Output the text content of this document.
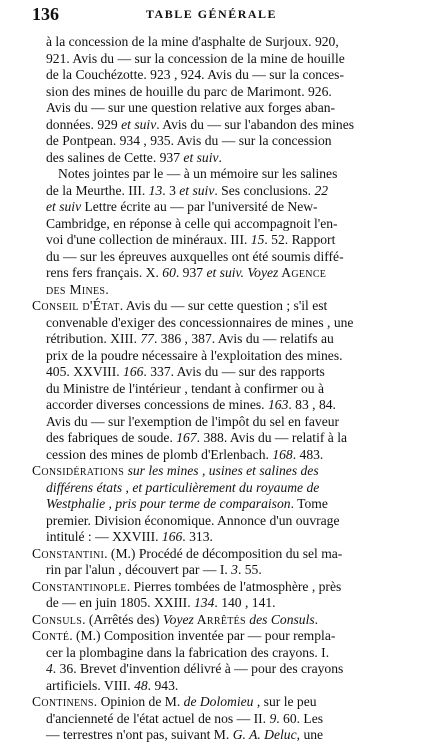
136	TABLE GÉNÉRALE
à la concession de la mine d'asphalte de Surjoux. 920,
921. Avis du — sur la concession de la mine de houille
de la Couchézotte. 923 , 924. Avis du — sur la conces-
sion des mines de houille du parc de Marimont. 926.
Avis du — sur une question relative aux forges aban-
données. 929 et suiv. Avis du — sur l'abandon des mines
de Pontpean. 934 , 935. Avis du — sur la concession
des salines de Cette. 937 et suiv.
Notes jointes par le — à un mémoire sur les salines
de la Meurthe. III. 13. 3 et suiv. Ses conclusions. 22
et suiv Lettre écrite au — par l'université de New-
Cambridge, en réponse à celle qui accompagnoit l'en-
voi d'une collection de minéraux. III. 15. 52. Rapport
du — sur les épreuves auxquelles ont été soumis diffé-
rens fers français. X. 60. 937 et suiv. Voyez Agence
des Mines.
Conseil d'État. Avis du — sur cette question ; s'il est
convenable d'exiger des concessionnaires de mines , une
rétribution. XIII. 77. 386 , 387. Avis du — relatifs au
prix de la poudre nécessaire à l'exploitation des mines.
405. XXVIII. 166. 337. Avis du — sur des rapports
du Ministre de l'intérieur , tendant à confirmer ou à
accorder diverses concessions de mines. 163. 83 , 84.
Avis du — sur l'exemption de l'impôt du sel en faveur
des fabriques de soude. 167. 388. Avis du — relatif à la
cession des mines de plomb d'Erlenbach. 168. 483.
Considérations sur les mines , usines et salines des
différens états , et particulièrement du royaume de
Westphalie , pris pour terme de comparaison. Tome
premier. Division économique. Annonce d'un ouvrage
intitulé : — XXVIII. 166. 313.
Constantini. (M.) Procédé de décomposition du sel ma-
rin par l'alun , découvert par — I. 3. 55.
Constantinople. Pierres tombées de l'atmosphère , près
de — en juin 1805. XXIII. 134. 140 , 141.
Consuls. (Arrêtés des) Voyez Arrêtés des Consuls.
Conté. (M.) Composition inventée par — pour rempla-
cer la plombagine dans la fabrication des crayons. I.
4. 36. Brevet d'invention délivré à — pour des crayons
artificiels. VIII. 48. 943.
Continens. Opinion de M. de Dolomieu , sur le peu
d'ancienneté de l'état actuel de nos — II. 9. 60. Les
— terrestres n'ont pas, suivant M. G. A. Deluc, une
